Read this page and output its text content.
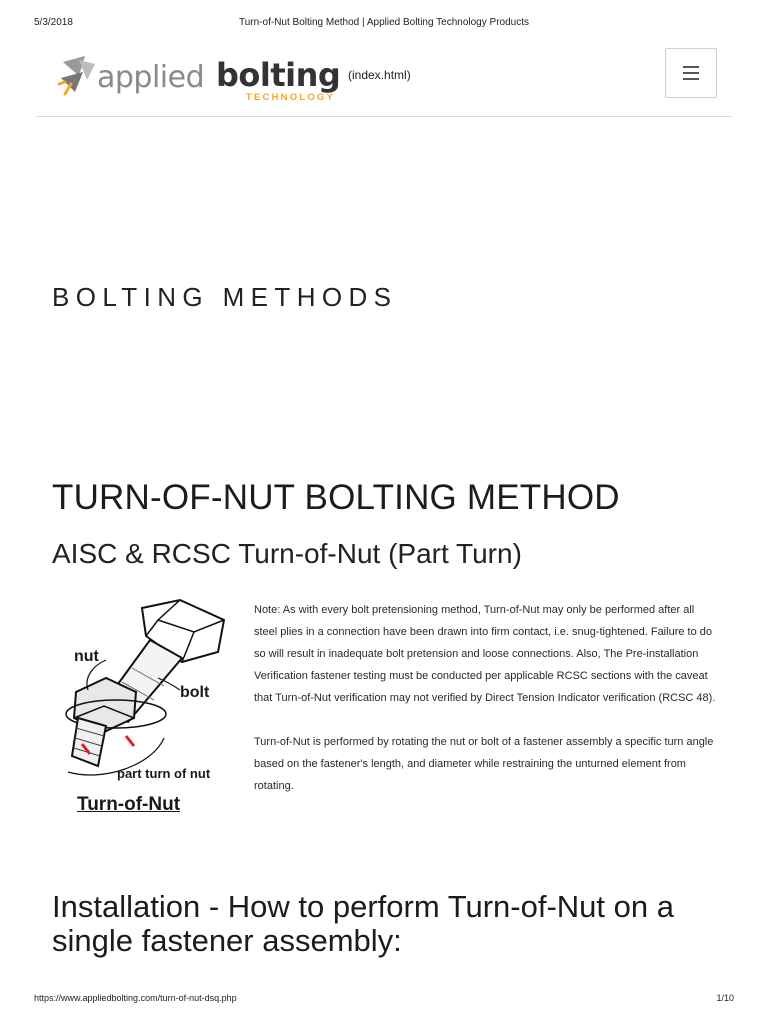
5/3/2018	Turn-of-Nut Bolting Method | Applied Bolting Technology Products
applied bolting
TECHNOLOGY
(index.html)
BOLTING METHODS
TURN-OF-NUT BOLTING METHOD
AISC & RCSC Turn-of-Nut (Part Turn)
nut
bolt
part turn of nut
Turn-of-Nut

Note: As with every bolt pretensioning method, Turn-of-Nut may only be performed after all steel plies in a connection have been drawn into firm contact, i.e. snug-tightened. Failure to do so will result in inadequate bolt pretension and loose connections. Also, The Pre-installation Verification fastener testing must be conducted per applicable RCSC sections with the caveat that Turn-of-Nut verification may not verified by Direct Tension Indicator verification (RCSC 48).

Turn-of-Nut is performed by rotating the nut or bolt of a fastener assembly a specific turn angle based on the fastener's length, and diameter while restraining the unturned element from rotating.

Installation - How to perform Turn-of-Nut on a single fastener assembly:
https://www.appliedbolting.com/turn-of-nut-dsq.php	1/10
